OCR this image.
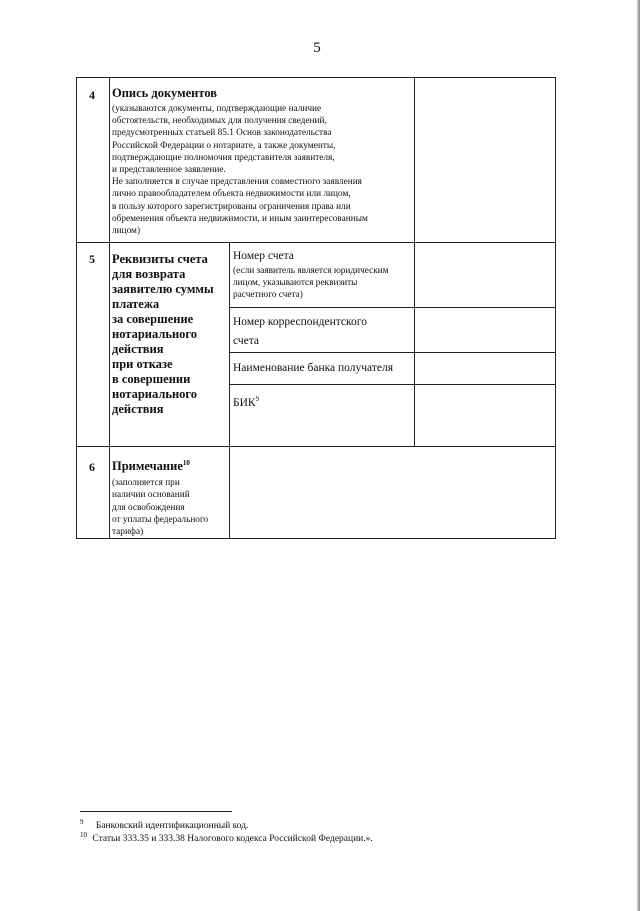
5
4 Опись документов
(указываются документы, подтверждающие наличие
обстоятельств, необходимых для получения сведений,
предусмотренных статьей 85.1 Основ законодательства
Российской Федерации о нотариате, а также документы,
подтверждающие полномочия представителя заявителя,
и представленное заявление.
Не заполняется в случае представления совместного заявления
лично правообладателем объекта недвижимости или лицом,
в пользу которого зарегистрированы ограничения права или
обременения объекта недвижимости, и иным заинтересованным
лицом)
5 Реквизиты счета
для возврата
заявителю суммы
платежа
за совершение
нотариального
действия
при отказе
в совершении
нотариального
действия
Номер счета
(если заявитель является юридическим
лицом, указываются реквизиты
расчетного счета)
Номер корреспондентского
счета
Наименование банка получателя
БИК$^9$
6 Примечание$^{10}$
(заполняется при
наличии оснований
для освобождения
от уплаты федерального
тарифа)
$^9$ Банковский идентификационный код.
$^{10}$ Статьи 333.35 и 333.38 Налогового кодекса Российской Федерации.».
